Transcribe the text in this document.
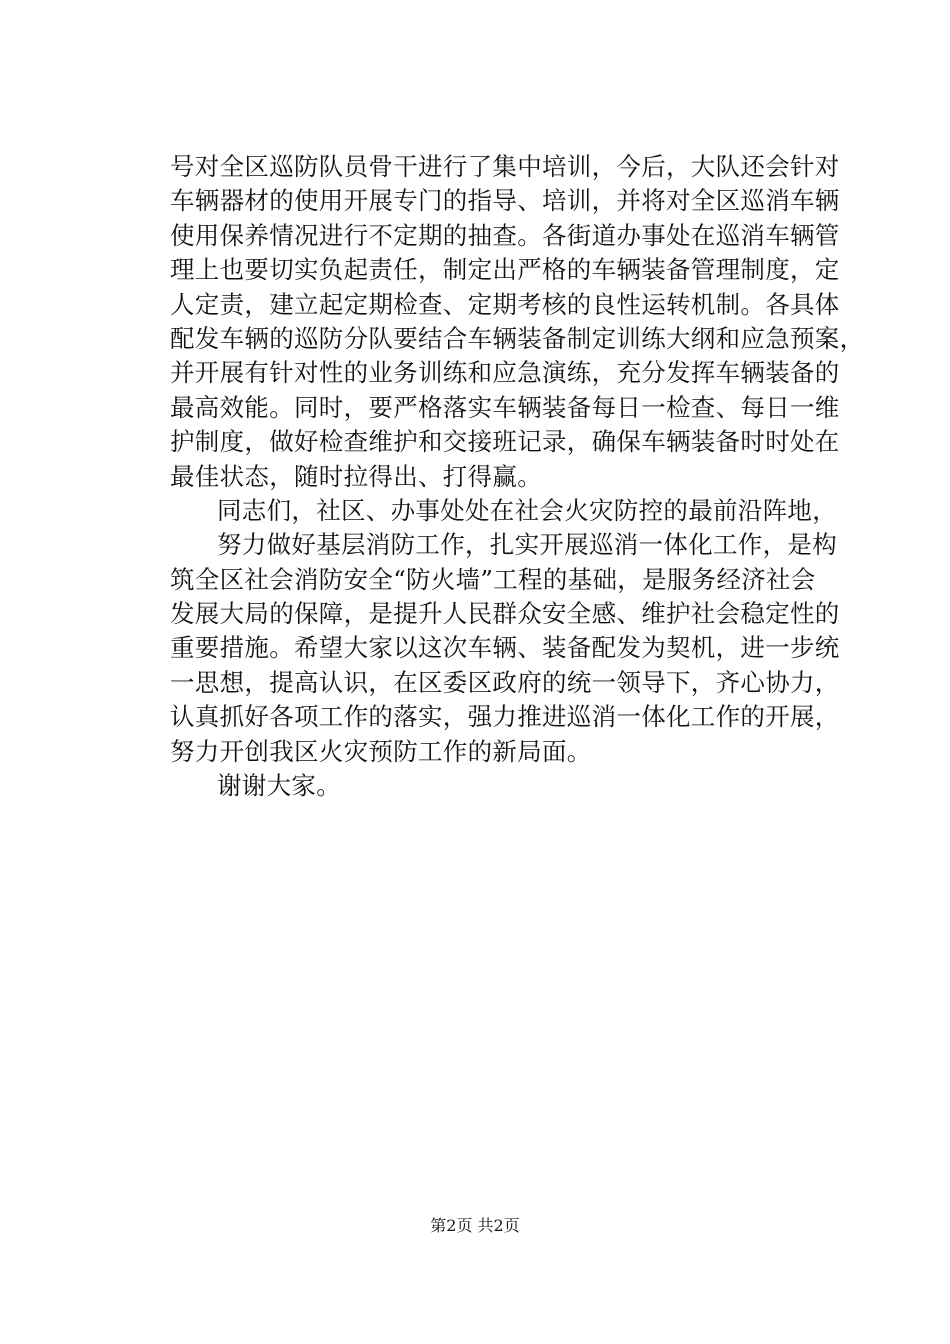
号对全区巡防队员骨干进行了集中培训，今后，大队还会针对
车辆器材的使用开展专门的指导、培训，并将对全区巡消车辆
使用保养情况进行不定期的抽查。各街道办事处在巡消车辆管
理上也要切实负起责任，制定出严格的车辆装备管理制度，定
人定责，建立起定期检查、定期考核的良性运转机制。各具体
配发车辆的巡防分队要结合车辆装备制定训练大纲和应急预案，
并开展有针对性的业务训练和应急演练，充分发挥车辆装备的
最高效能。同时，要严格落实车辆装备每日一检查、每日一维
护制度，做好检查维护和交接班记录，确保车辆装备时时处在
最佳状态，随时拉得出、打得赢。
同志们，社区、办事处处在社会火灾防控的最前沿阵地，
努力做好基层消防工作，扎实开展巡消一体化工作，是构
筑全区社会消防安全“防火墙”工程的基础，是服务经济社会
发展大局的保障，是提升人民群众安全感、维护社会稳定性的
重要措施。希望大家以这次车辆、装备配发为契机，进一步统
一思想，提高认识，在区委区政府的统一领导下，齐心协力，
认真抓好各项工作的落实，强力推进巡消一体化工作的开展，
努力开创我区火灾预防工作的新局面。
谢谢大家。
第2页 共2页
